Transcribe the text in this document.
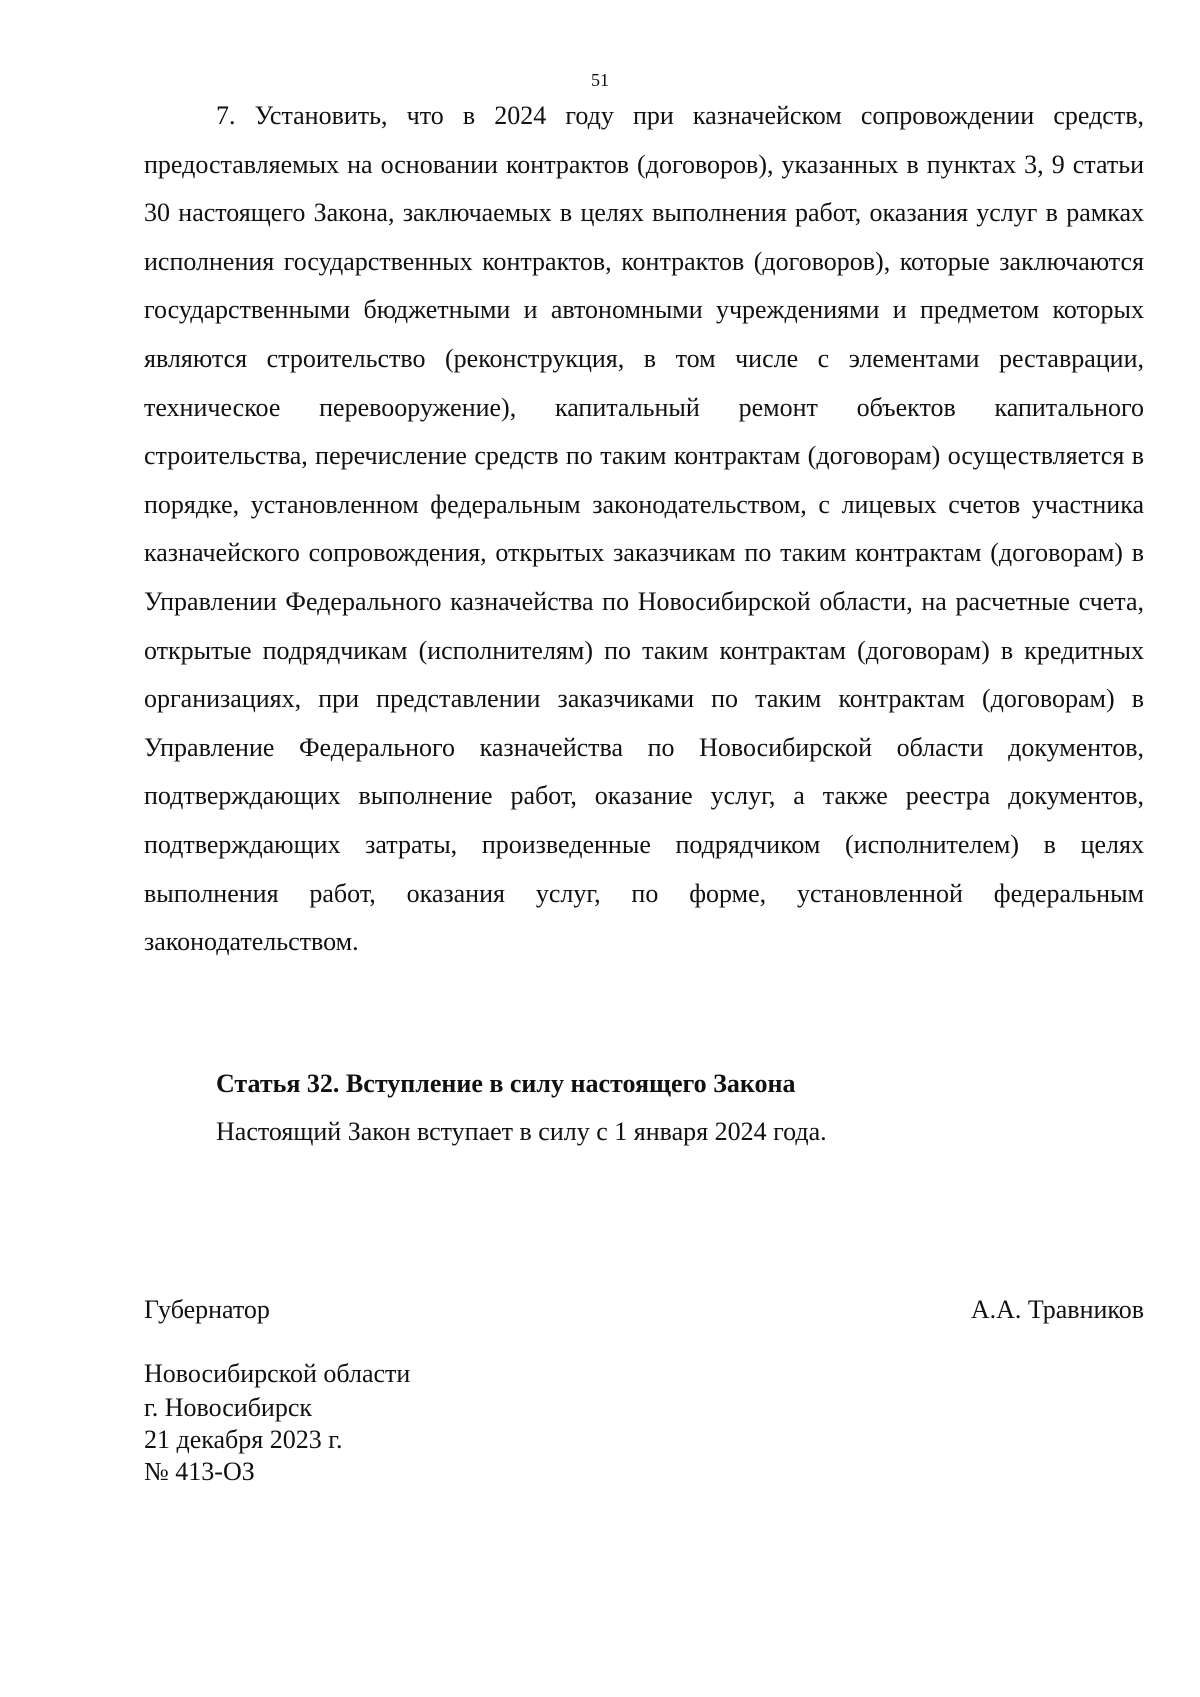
51

7. Установить, что в 2024 году при казначейском сопровождении средств, предоставляемых на основании контрактов (договоров), указанных в пунктах 3, 9 статьи 30 настоящего Закона, заключаемых в целях выполнения работ, оказания услуг в рамках исполнения государственных контрактов, контрактов (договоров), которые заключаются государственными бюджетными и автономными учреждениями и предметом которых являются строительство (реконструкция, в том числе с элементами реставрации, техническое перевооружение), капитальный ремонт объектов капитального строительства, перечисление средств по таким контрактам (договорам) осуществляется в порядке, установленном федеральным законодательством, с лицевых счетов участника казначейского сопровождения, открытых заказчикам по таким контрактам (договорам) в Управлении Федерального казначейства по Новосибирской области, на расчетные счета, открытые подрядчикам (исполнителям) по таким контрактам (договорам) в кредитных организациях, при представлении заказчиками по таким контрактам (договорам) в Управление Федерального казначейства по Новосибирской области документов, подтверждающих выполнение работ, оказание услуг, а также реестра документов, подтверждающих затраты, произведенные подрядчиком (исполнителем) в целях выполнения работ, оказания услуг, по форме, установленной федеральным законодательством.

Статья 32. Вступление в силу настоящего Закона

Настоящий Закон вступает в силу с 1 января 2024 года.

Губернатор

Новосибирской области

А.А. Травников
г. Новосибирск
21 декабря 2023 г.
№ 413-ОЗ
